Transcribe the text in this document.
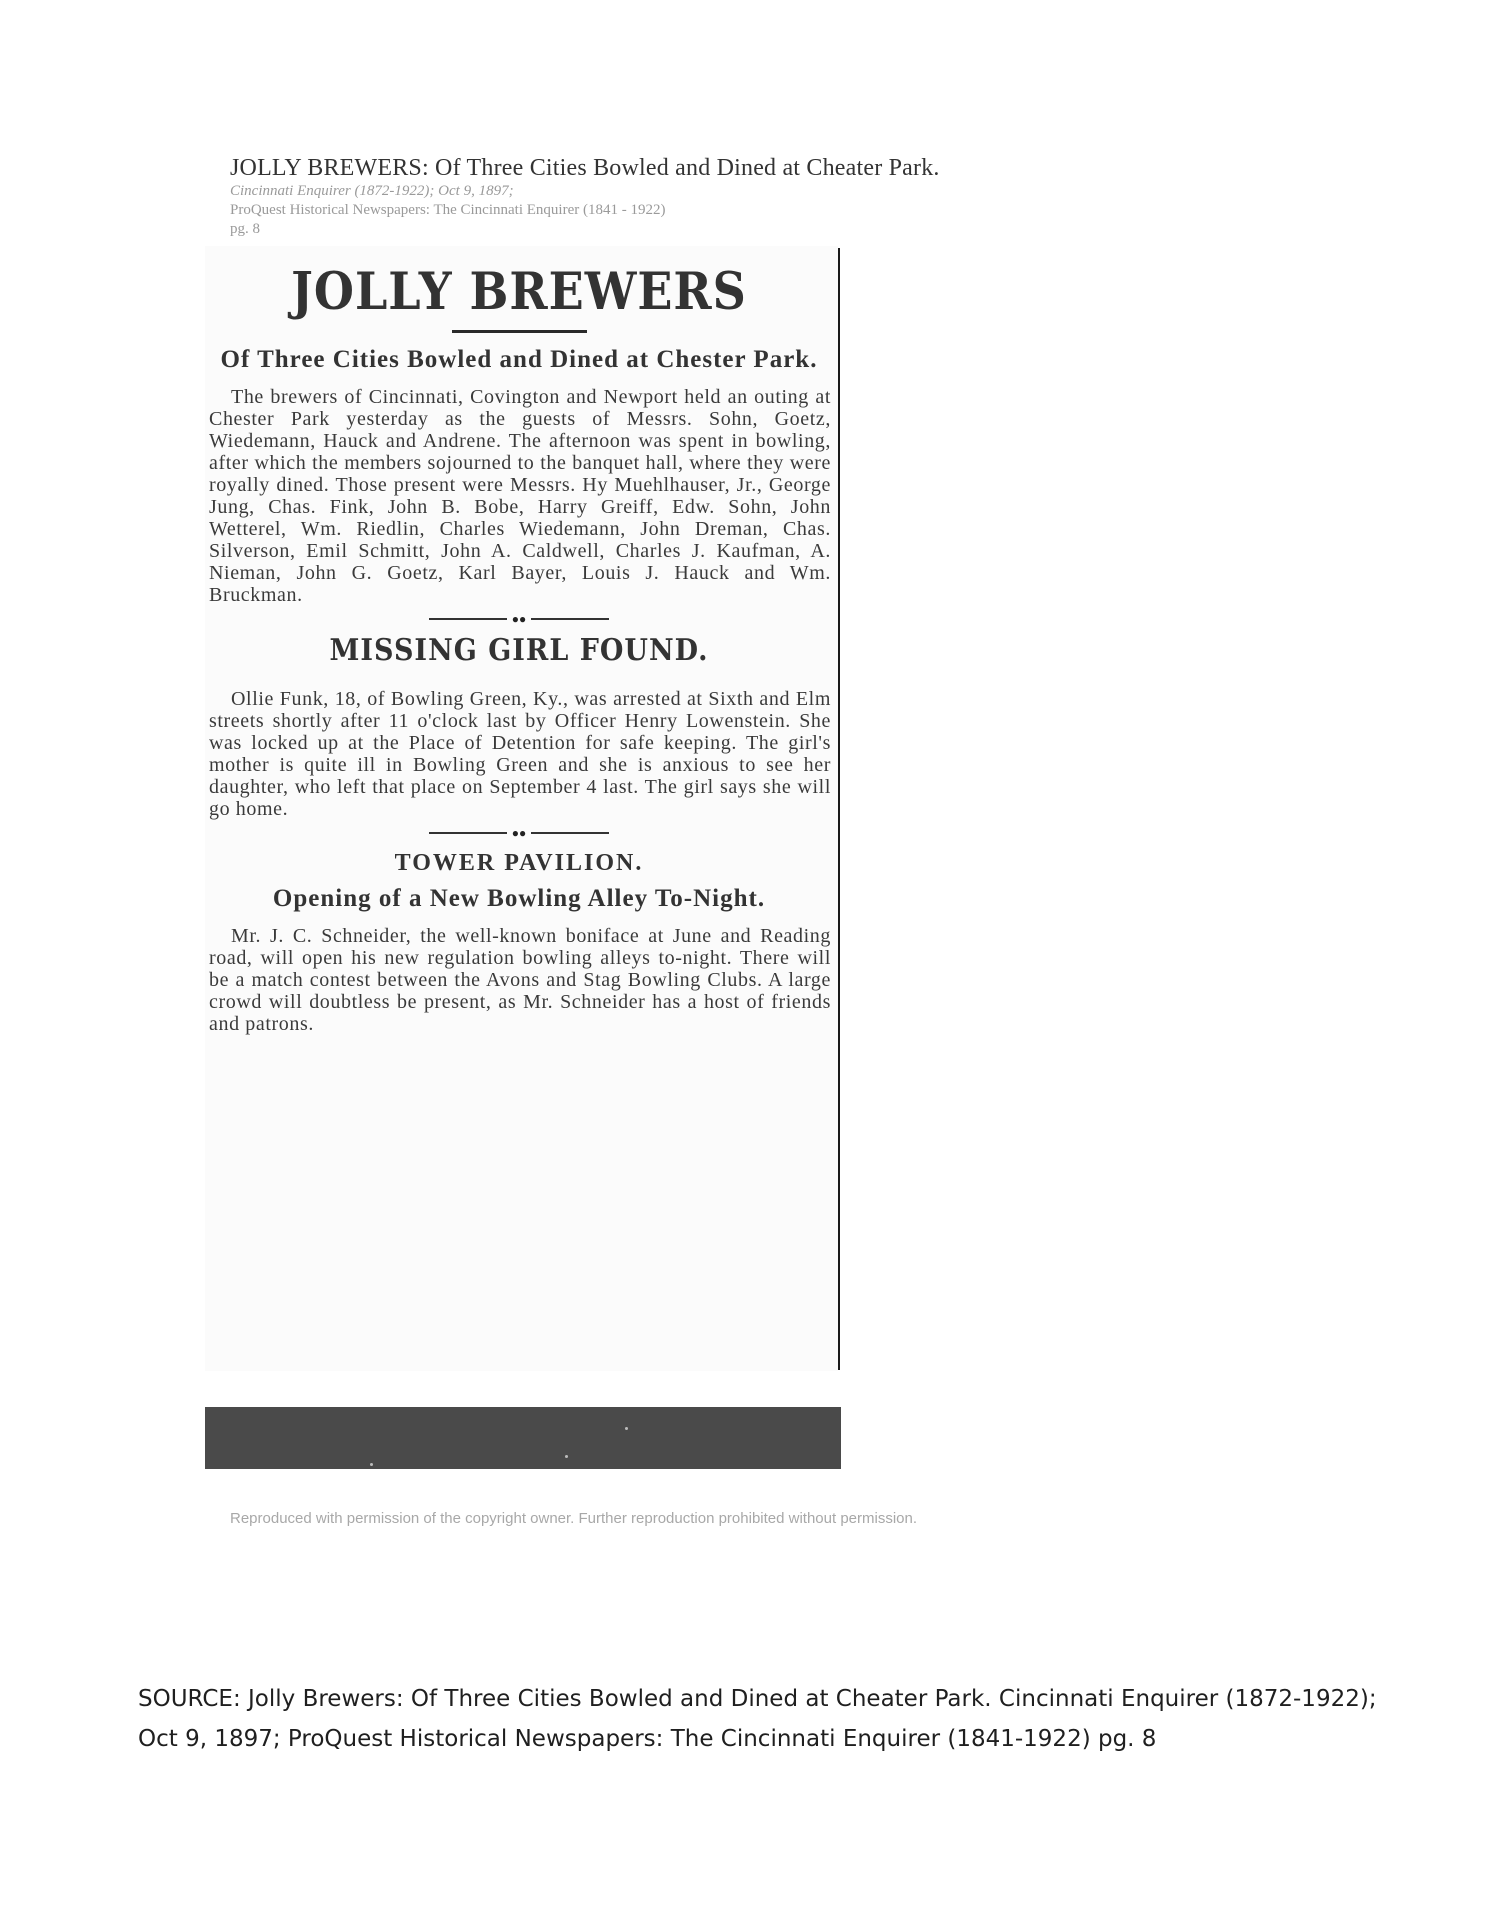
JOLLY BREWERS: Of Three Cities Bowled and Dined at Cheater Park.
Cincinnati Enquirer (1872-1922); Oct 9, 1897;
ProQuest Historical Newspapers: The Cincinnati Enquirer (1841 - 1922)
pg. 8
JOLLY BREWERS
Of Three Cities Bowled and Dined at Chester Park.

The brewers of Cincinnati, Covington and Newport held an outing at Chester Park yesterday as the guests of Messrs. Sohn, Goetz, Wiedemann, Hauck and Andrene. The afternoon was spent in bowling, after which the members sojourned to the banquet hall, where they were royally dined. Those present were Messrs. Hy Muehlhauser, Jr., George Jung, Chas. Fink, John B. Bobe, Harry Greiff, Edw. Sohn, John Wetterel, Wm. Riedlin, Charles Wiedemann, John Dreman, Chas. Silverson, Emil Schmitt, John A. Caldwell, Charles J. Kaufman, A. Nieman, John G. Goetz, Karl Bayer, Louis J. Hauck and Wm. Bruckman.

●●
MISSING GIRL FOUND.

Ollie Funk, 18, of Bowling Green, Ky., was arrested at Sixth and Elm streets shortly after 11 o'clock last by Officer Henry Lowenstein. She was locked up at the Place of Detention for safe keeping. The girl's mother is quite ill in Bowling Green and she is anxious to see her daughter, who left that place on September 4 last. The girl says she will go home.

●●
TOWER PAVILION.
Opening of a New Bowling Alley To-Night.

Mr. J. C. Schneider, the well-known boniface at June and Reading road, will open his new regulation bowling alleys to-night. There will be a match contest between the Avons and Stag Bowling Clubs. A large crowd will doubtless be present, as Mr. Schneider has a host of friends and patrons.

Reproduced with permission of the copyright owner. Further reproduction prohibited without permission.
SOURCE: Jolly Brewers: Of Three Cities Bowled and Dined at Cheater Park. Cincinnati Enquirer (1872-1922); Oct 9, 1897; ProQuest Historical Newspapers: The Cincinnati Enquirer (1841-1922) pg. 8
